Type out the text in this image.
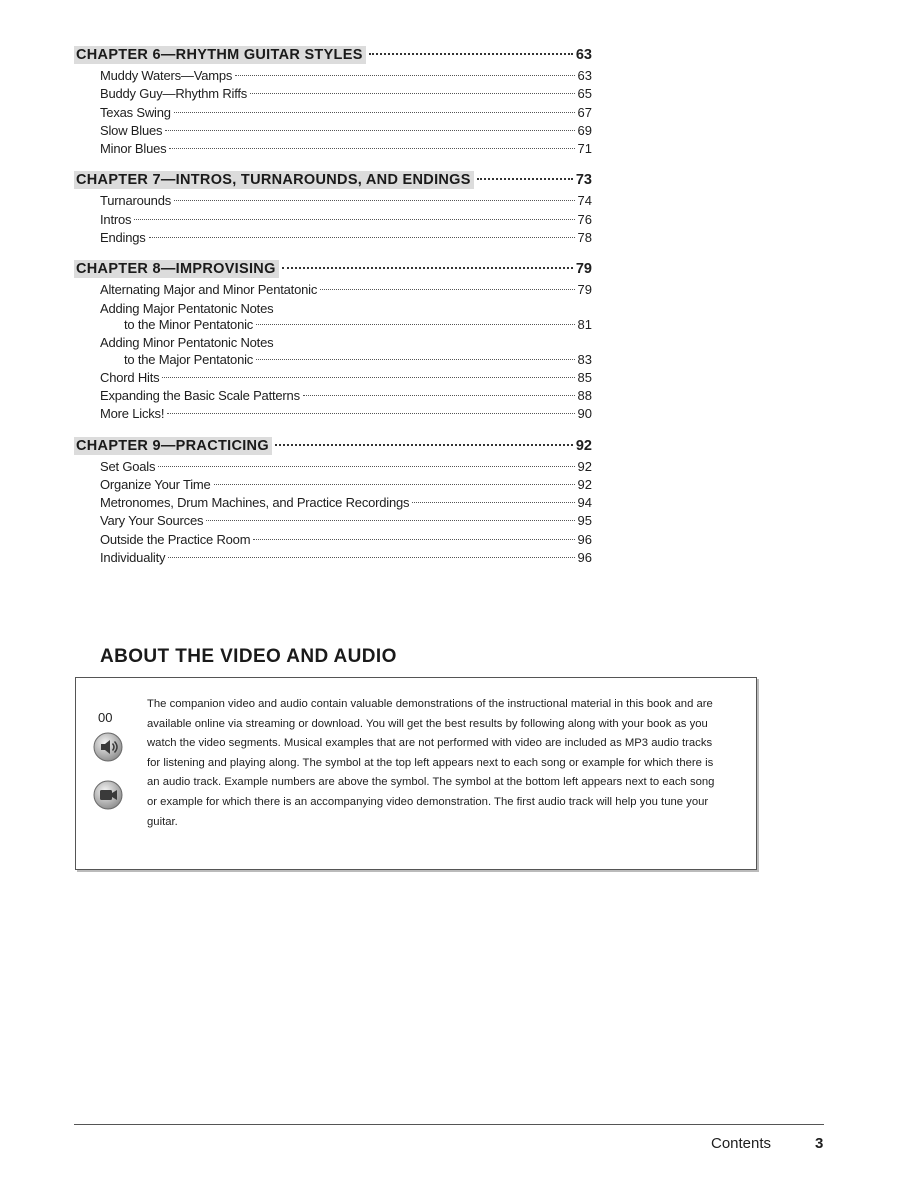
CHAPTER 6—RHYTHM GUITAR STYLES	63
Muddy Waters—Vamps	63
Buddy Guy—Rhythm Riffs	65
Texas Swing	67
Slow Blues	69
Minor Blues	71
CHAPTER 7—INTROS, TURNAROUNDS, AND ENDINGS	73
Turnarounds	74
Intros	76
Endings	78
CHAPTER 8—IMPROVISING	79
Alternating Major and Minor Pentatonic	79
Adding Major Pentatonic Notes
to the Minor Pentatonic	81
Adding Minor Pentatonic Notes
to the Major Pentatonic	83
Chord Hits	85
Expanding the Basic Scale Patterns	88
More Licks!	90
CHAPTER 9—PRACTICING	92
Set Goals	92
Organize Your Time	92
Metronomes, Drum Machines, and Practice Recordings	94
Vary Your Sources	95
Outside the Practice Room	96
Individuality	96
ABOUT THE VIDEO AND AUDIO
00

The companion video and audio contain valuable demonstrations of the instructional material in this book and are available online via streaming or download. You will get the best results by following along with your book as you watch the video segments. Musical examples that are not performed with video are included as MP3 audio tracks for listening and playing along. The symbol at the top left appears next to each song or example for which there is an audio track. Example numbers are above the symbol. The symbol at the bottom left appears next to each song or example for which there is an accompanying video demonstration. The first audio track will help you tune your guitar.

Contents	3
